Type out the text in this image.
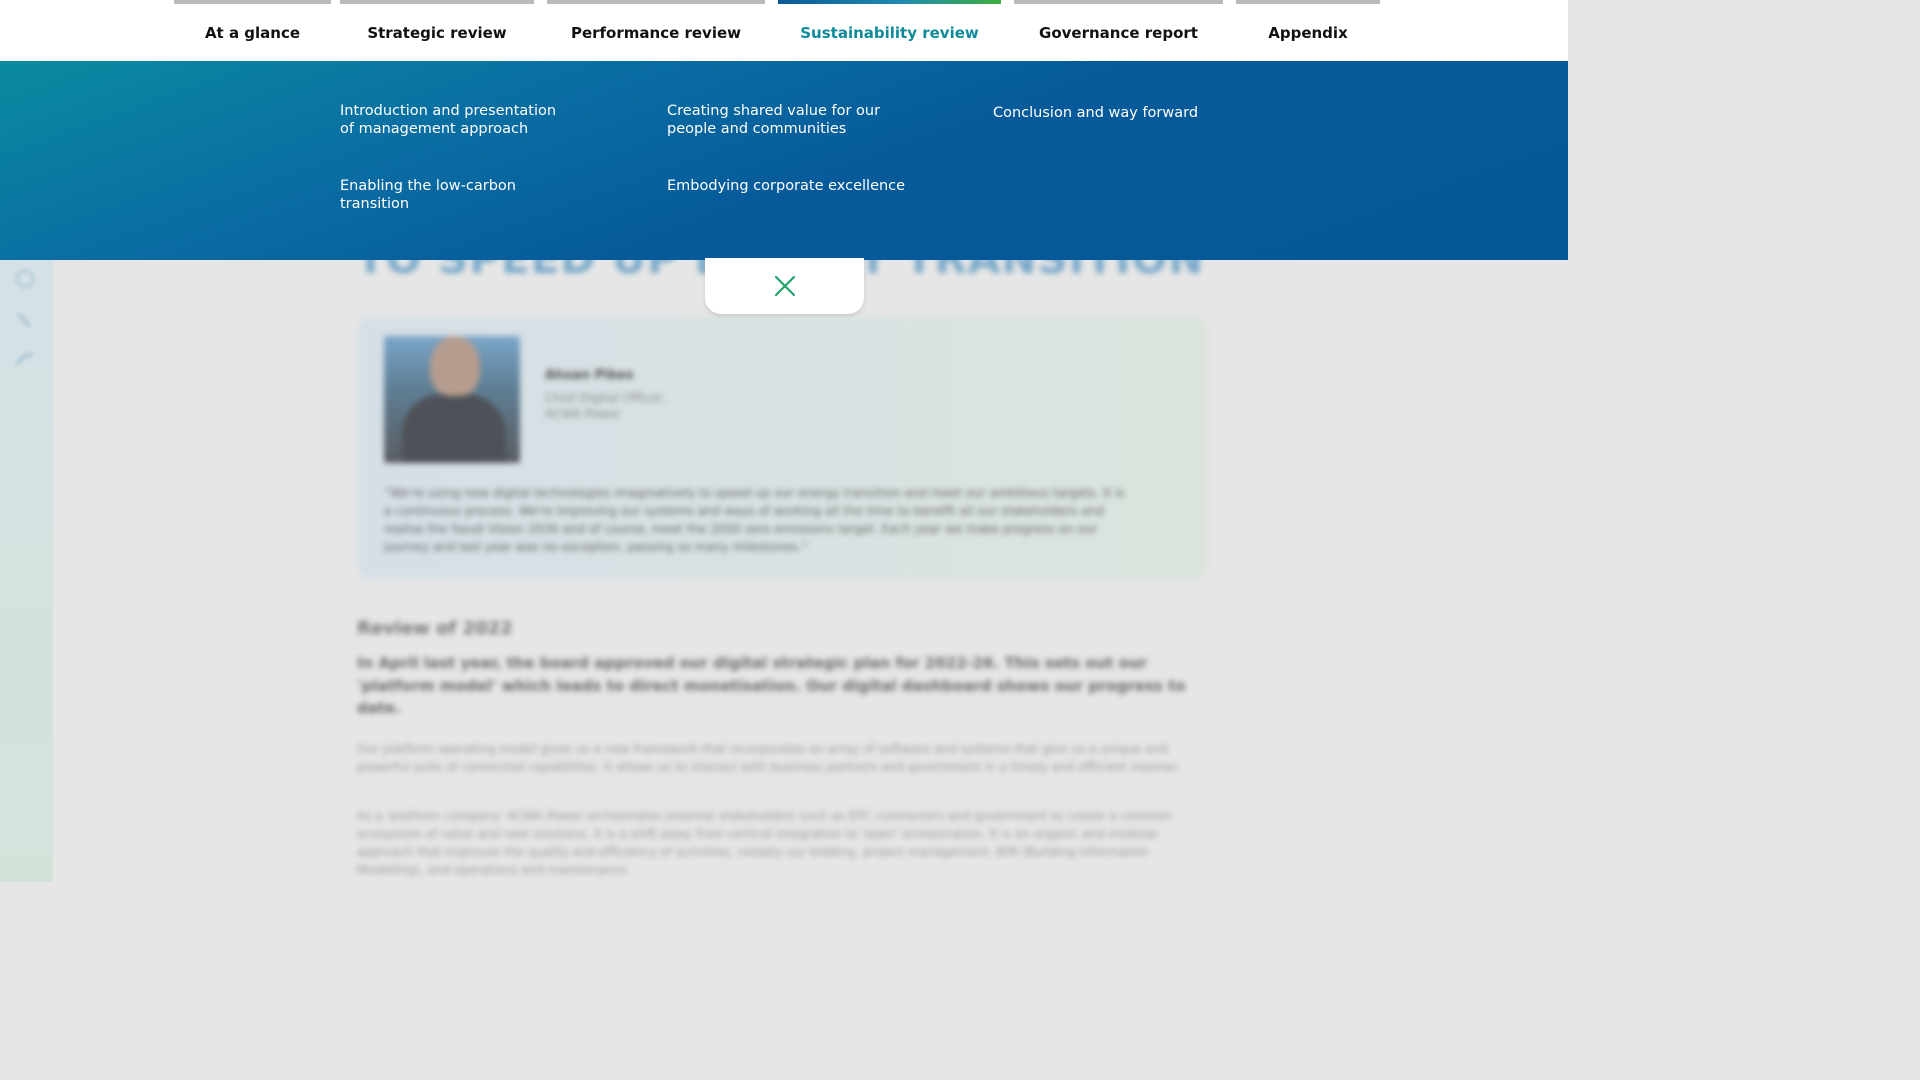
Ahsan Pikes
Chief Digital Officer,
ACWA Power
“We're using new digital technologies imaginatively to speed up our energy transition and meet our ambitious targets. It is a continuous process. We're improving our systems and ways of working all the time to benefit all our stakeholders and realise the Saudi Vision 2030 and of course, meet the 2050 zero emissions target. Each year we make progress on our journey and last year was no exception, passing so many milestones.”
Review of 2022
In April last year, the board approved our digital strategic plan for 2022-26. This sets out our 'platform model' which leads to direct monetisation. Our digital dashboard shows our progress to date.
Our platform operating model gives us a new framework that incorporates an array of software and systems that give us a unique and powerful suite of connected capabilities. It allows us to interact with business partners and government in a timely and efficient manner.
As a 'platform company' ACWA Power orchestrates external stakeholders such as EPC contractors and government to create a common ecosystem of value and new solutions. It is a shift away from vertical integration to 'open' orchestration. It is an organic and modular approach that improves the quality and efficiency of activities, notably our bidding, project management, BIM (Building Information Modelling), and operations and maintenance.
At a glance	Strategic review	Performance review	Sustainability review	Governance report	Appendix
Introduction and presentation
of management approach
Creating shared value for our
people and communities
Conclusion and way forward
Enabling the low-carbon
transition
Embodying corporate excellence
